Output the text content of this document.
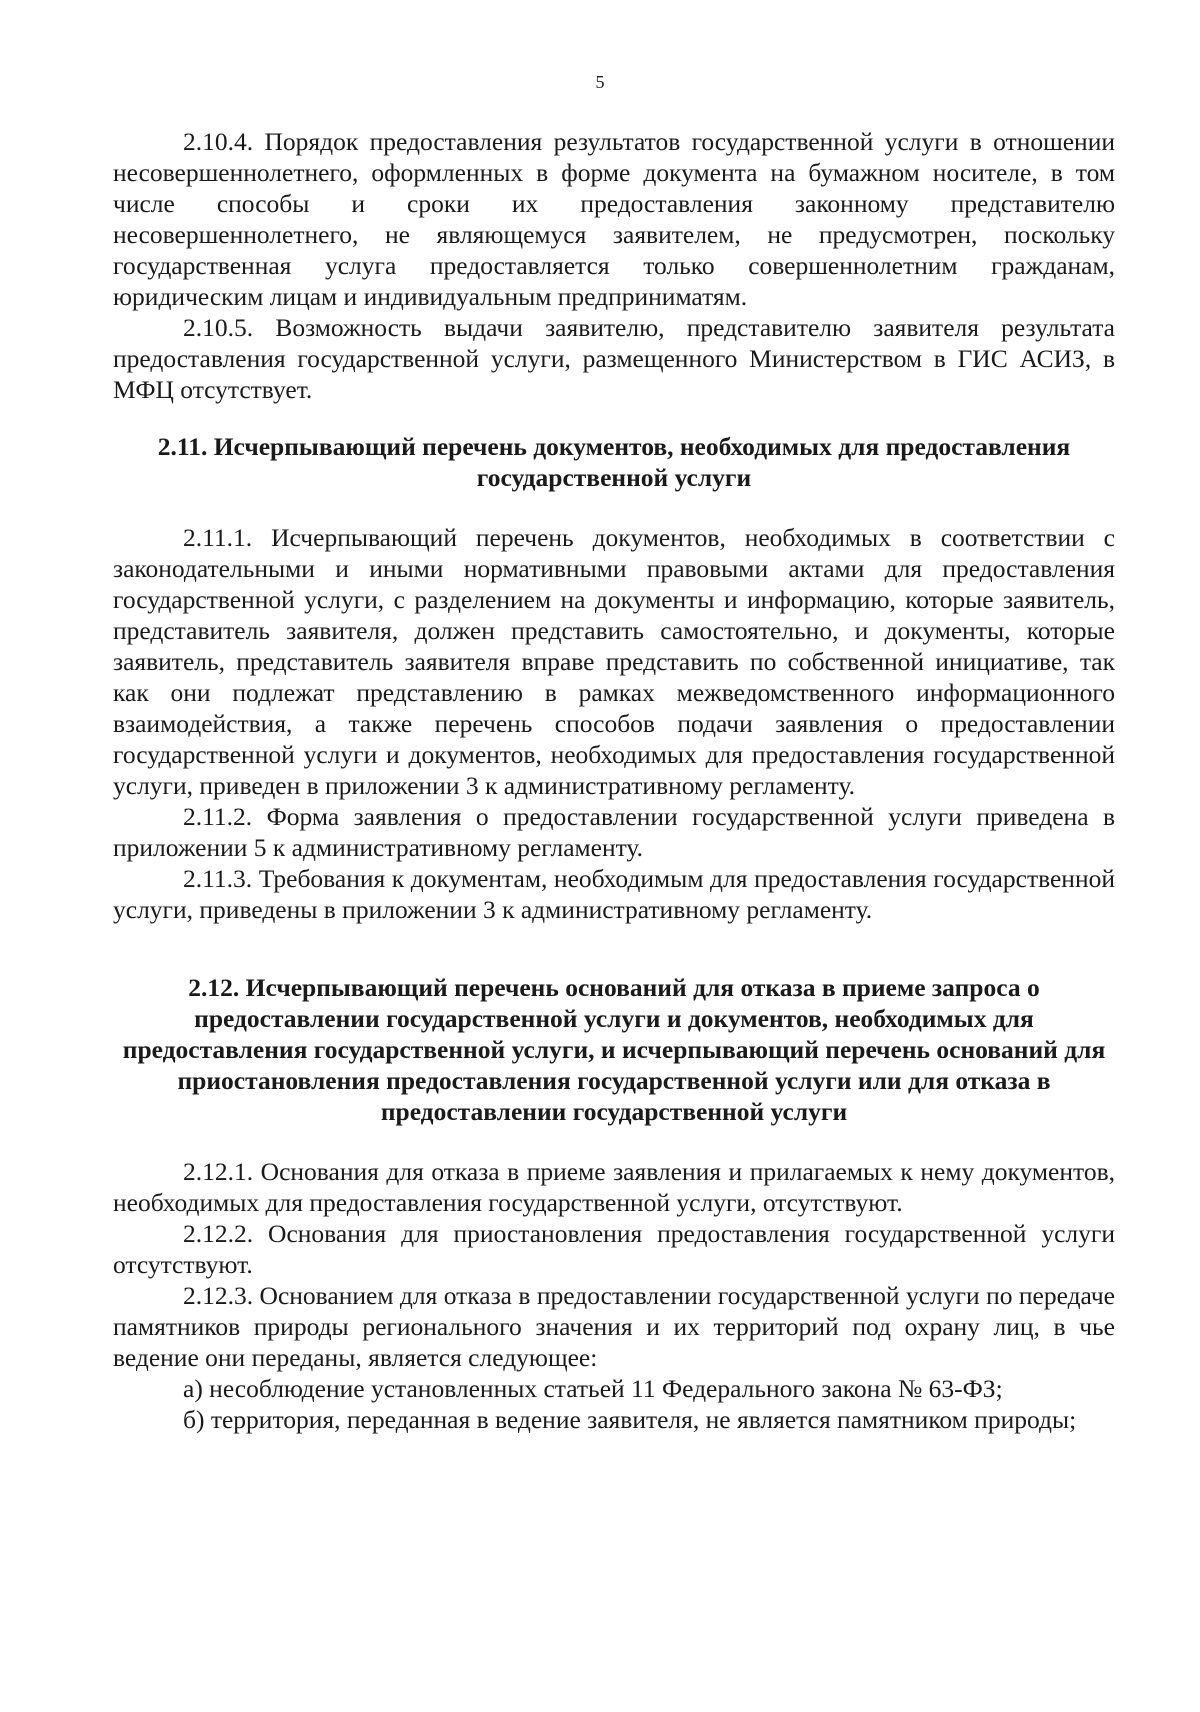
5

2.10.4. Порядок предоставления результатов государственной услуги в отношении несовершеннолетнего, оформленных в форме документа на бумажном носителе, в том числе способы и сроки их предоставления законному представителю несовершеннолетнего, не являющемуся заявителем, не предусмотрен, поскольку государственная услуга предоставляется только совершеннолетним гражданам, юридическим лицам и индивидуальным предприниматям.

2.10.5. Возможность выдачи заявителю, представителю заявителя результата предоставления государственной услуги, размещенного Министерством в ГИС АСИЗ, в МФЦ отсутствует.

2.11. Исчерпывающий перечень документов, необходимых для предоставления государственной услуги

2.11.1. Исчерпывающий перечень документов, необходимых в соответствии с законодательными и иными нормативными правовыми актами для предоставления государственной услуги, с разделением на документы и информацию, которые заявитель, представитель заявителя, должен представить самостоятельно, и документы, которые заявитель, представитель заявителя вправе представить по собственной инициативе, так как они подлежат представлению в рамках межведомственного информационного взаимодействия, а также перечень способов подачи заявления о предоставлении государственной услуги и документов, необходимых для предоставления государственной услуги, приведен в приложении 3 к административному регламенту.

2.11.2. Форма заявления о предоставлении государственной услуги приведена в приложении 5 к административному регламенту.

2.11.3. Требования к документам, необходимым для предоставления государственной услуги, приведены в приложении 3 к административному регламенту.

2.12. Исчерпывающий перечень оснований для отказа в приеме запроса о предоставлении государственной услуги и документов, необходимых для предоставления государственной услуги, и исчерпывающий перечень оснований для приостановления предоставления государственной услуги или для отказа в предоставлении государственной услуги

2.12.1. Основания для отказа в приеме заявления и прилагаемых к нему документов, необходимых для предоставления государственной услуги, отсутствуют.

2.12.2. Основания для приостановления предоставления государственной услуги отсутствуют.

2.12.3. Основанием для отказа в предоставлении государственной услуги по передаче памятников природы регионального значения и их территорий под охрану лиц, в чье ведение они переданы, является следующее:

а) несоблюдение установленных статьей 11 Федерального закона № 63-ФЗ;

б) территория, переданная в ведение заявителя, не является памятником природы;
